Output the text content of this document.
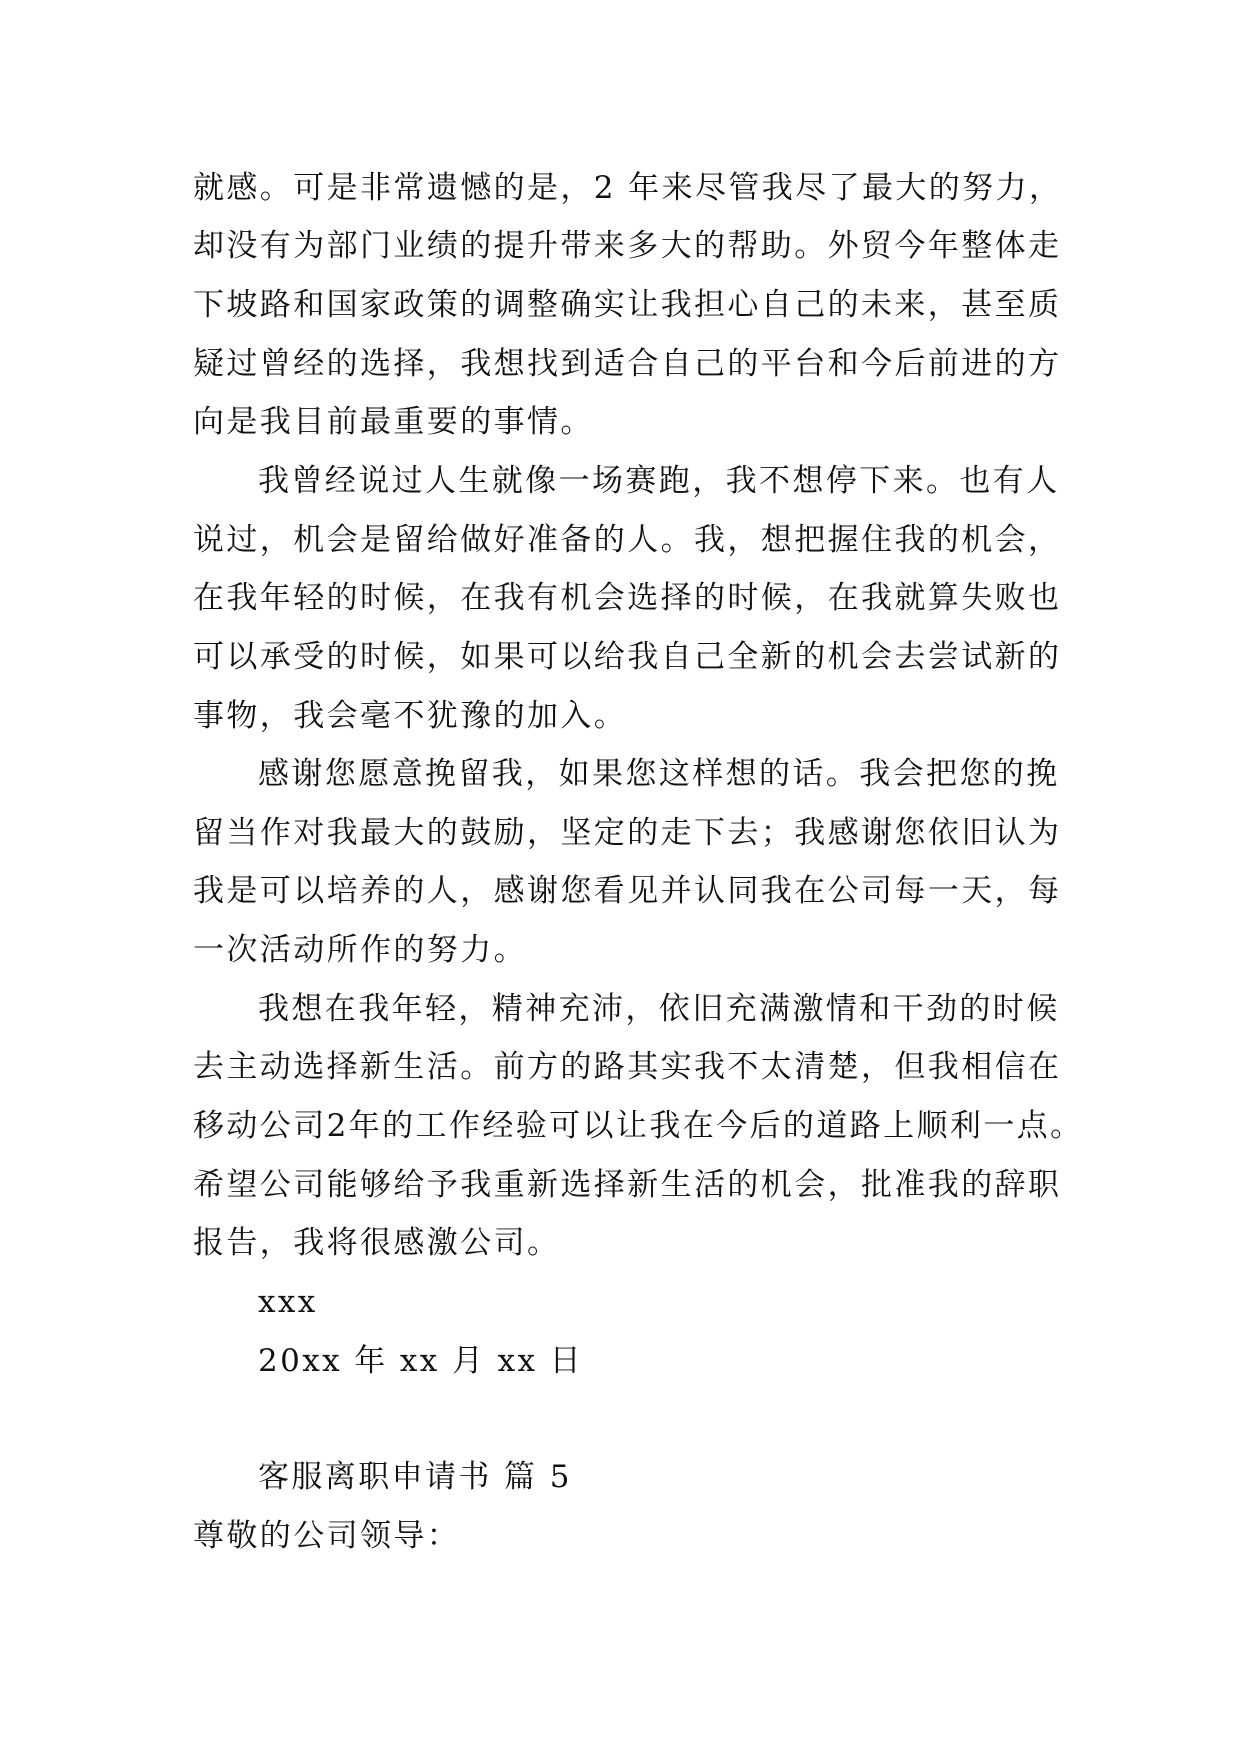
就感。可是非常遗憾的是，2 年来尽管我尽了最大的努力，
却没有为部门业绩的提升带来多大的帮助。外贸今年整体走
下坡路和国家政策的调整确实让我担心自己的未来，甚至质
疑过曾经的选择，我想找到适合自己的平台和今后前进的方
向是我目前最重要的事情。
我曾经说过人生就像一场赛跑，我不想停下来。也有人
说过，机会是留给做好准备的人。我，想把握住我的机会，
在我年轻的时候，在我有机会选择的时候，在我就算失败也
可以承受的时候，如果可以给我自己全新的机会去尝试新的
事物，我会毫不犹豫的加入。
感谢您愿意挽留我，如果您这样想的话。我会把您的挽
留当作对我最大的鼓励，坚定的走下去；我感谢您依旧认为
我是可以培养的人，感谢您看见并认同我在公司每一天，每
一次活动所作的努力。
我想在我年轻，精神充沛，依旧充满激情和干劲的时候
去主动选择新生活。前方的路其实我不太清楚，但我相信在
移动公司2年的工作经验可以让我在今后的道路上顺利一点。
希望公司能够给予我重新选择新生活的机会，批准我的辞职
报告，我将很感激公司。
xxx
20xx 年 xx 月 xx 日
客服离职申请书 篇 5
尊敬的公司领导：
